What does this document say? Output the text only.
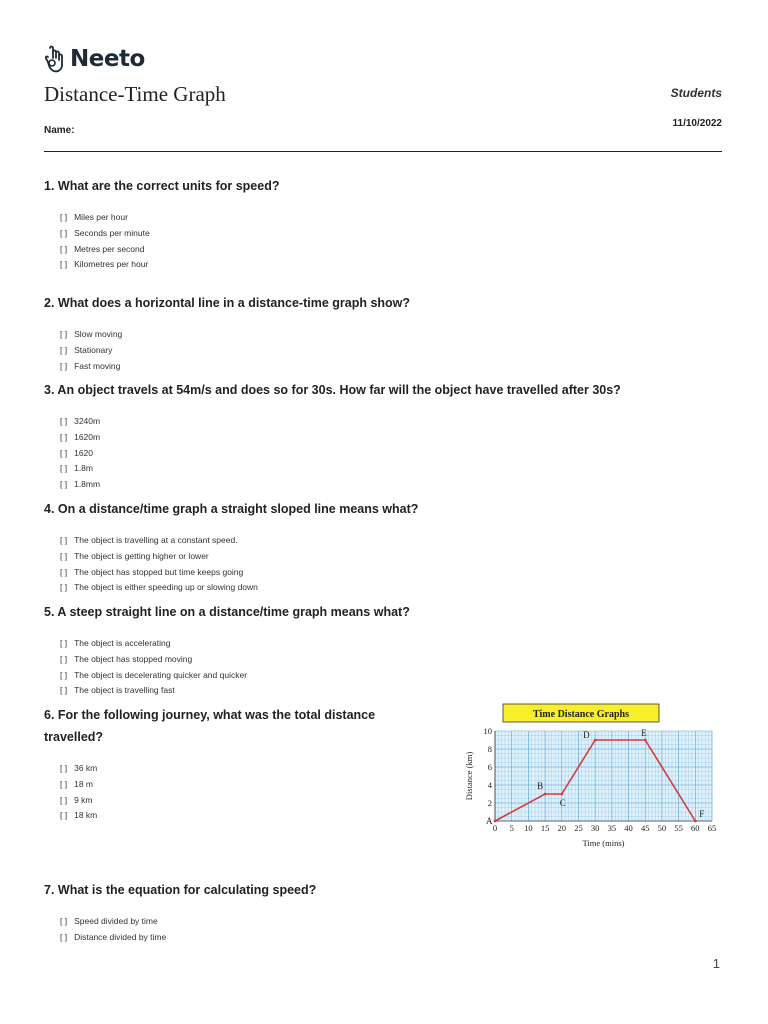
Neeto
Distance-Time Graph	Students
Name:
11/10/2022
1. What are the correct units for speed?
[ ] Miles per hour
[ ] Seconds per minute
[ ] Metres per second
[ ] Kilometres per hour
2. What does a horizontal line in a distance-time graph show?
[ ] Slow moving
[ ] Stationary
[ ] Fast moving
3. An object travels at 54m/s and does so for 30s. How far will the object have travelled after 30s?
[ ] 3240m
[ ] 1620m
[ ] 1620
[ ] 1.8m
[ ] 1.8mm
4. On a distance/time graph a straight sloped line means what?
[ ] The object is travelling at a constant speed.
[ ] The object is getting higher or lower
[ ] The object has stopped but time keeps going
[ ] The object is either speeding up or slowing down
5. A steep straight line on a distance/time graph means what?
[ ] The object is accelerating
[ ] The object has stopped moving
[ ] The object is decelerating quicker and quicker
[ ] The object is travelling fast
6. For the following journey, what was the total distance travelled?
[ ] 36 km
[ ] 18 m
[ ] 9 km
[ ] 18 km
7. What is the equation for calculating speed?
[ ] Speed divided by time
[ ] Distance divided by time
Time Distance Graphs
0 5 10 15 20 25 30 35 40 45 50 55 60 65
2
4
6
8
10
Time (mins)
Distance (km)
A
B
C
D	E
F
1
